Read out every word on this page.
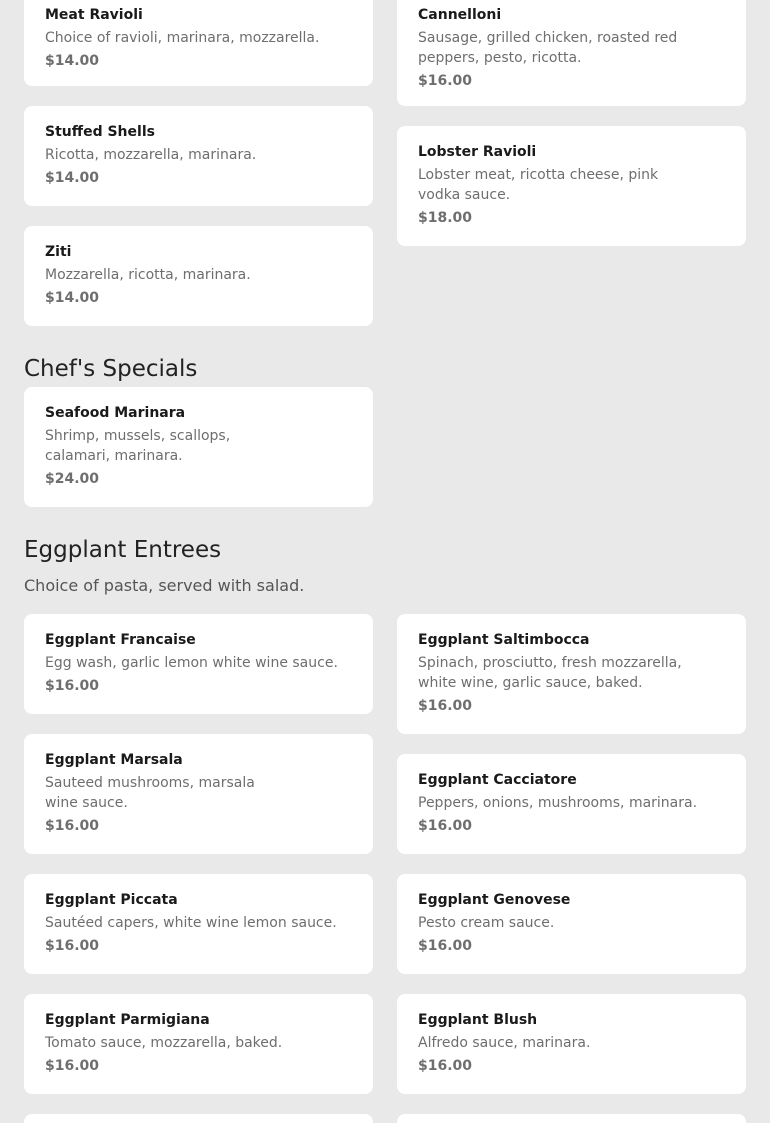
Meat Ravioli
Choice of ravioli, marinara, mozzarella.
$14.00
Cannelloni
Sausage, grilled chicken, roasted red peppers, pesto, ricotta.
$16.00
Stuffed Shells
Ricotta, mozzarella, marinara.
$14.00
Lobster Ravioli
Lobster meat, ricotta cheese, pink vodka sauce.
$18.00
Ziti
Mozzarella, ricotta, marinara.
$14.00
Chef's Specials
Seafood Marinara
Shrimp, mussels, scallops, calamari, marinara.
$24.00
Eggplant Entrees
Choice of pasta, served with salad.
Eggplant Francaise
Egg wash, garlic lemon white wine sauce.
$16.00
Eggplant Marsala
Sauteed mushrooms, marsala wine sauce.
$16.00
Eggplant Piccata
Sautéed capers, white wine lemon sauce.
$16.00
Eggplant Parmigiana
Tomato sauce, mozzarella, baked.
$16.00
Eggplant Saltimbocca
Spinach, prosciutto, fresh mozzarella, white wine, garlic sauce, baked.
$16.00
Eggplant Cacciatore
Peppers, onions, mushrooms, marinara.
$16.00
Eggplant Genovese
Pesto cream sauce.
$16.00
Eggplant Blush
Alfredo sauce, marinara.
$16.00
